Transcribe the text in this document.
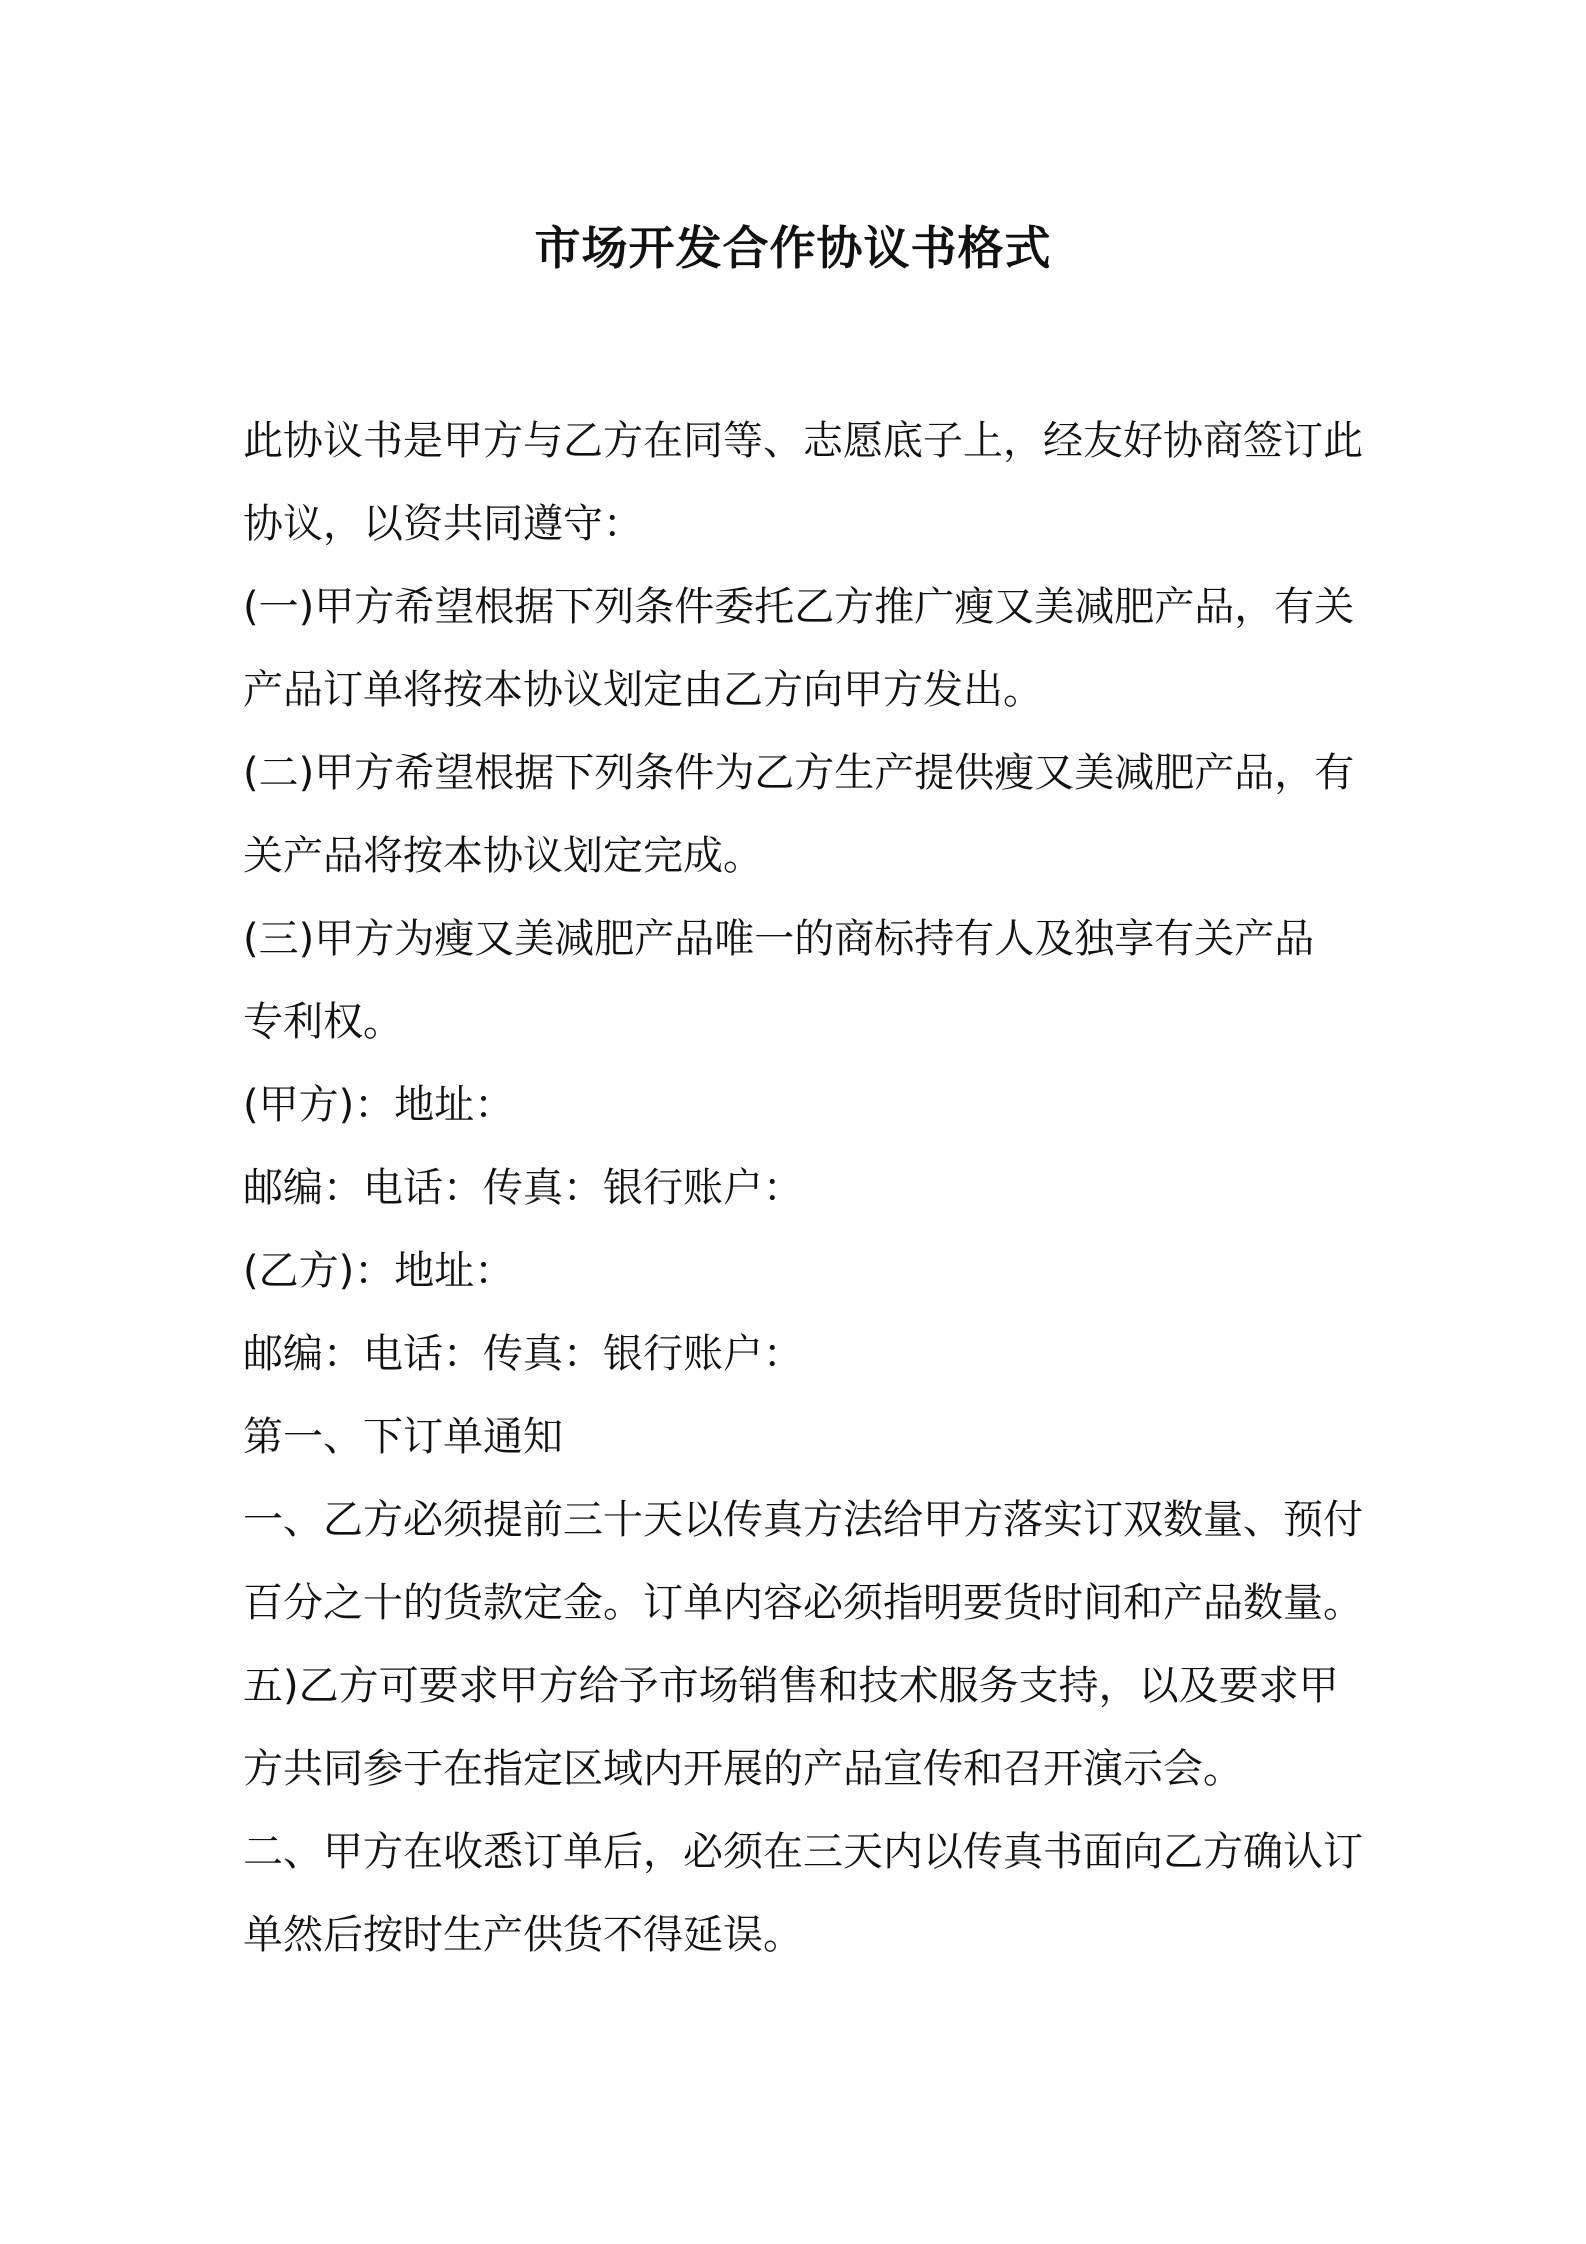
市场开发合作协议书格式

此协议书是甲方与乙方在同等、志愿底子上，经友好协商签订此

协议，以资共同遵守：

(一)甲方希望根据下列条件委托乙方推广瘦又美减肥产品，有关

产品订单将按本协议划定由乙方向甲方发出。

(二)甲方希望根据下列条件为乙方生产提供瘦又美减肥产品，有

关产品将按本协议划定完成。

(三)甲方为瘦又美减肥产品唯一的商标持有人及独享有关产品

专利权。

(甲方)：地址：

邮编：电话：传真：银行账户：

(乙方)：地址：

邮编：电话：传真：银行账户：

第一、下订单通知

一、乙方必须提前三十天以传真方法给甲方落实订双数量、预付

百分之十的货款定金。订单内容必须指明要货时间和产品数量。

五)乙方可要求甲方给予市场销售和技术服务支持，以及要求甲

方共同参于在指定区域内开展的产品宣传和召开演示会。

二、甲方在收悉订单后，必须在三天内以传真书面向乙方确认订

单然后按时生产供货不得延误。
